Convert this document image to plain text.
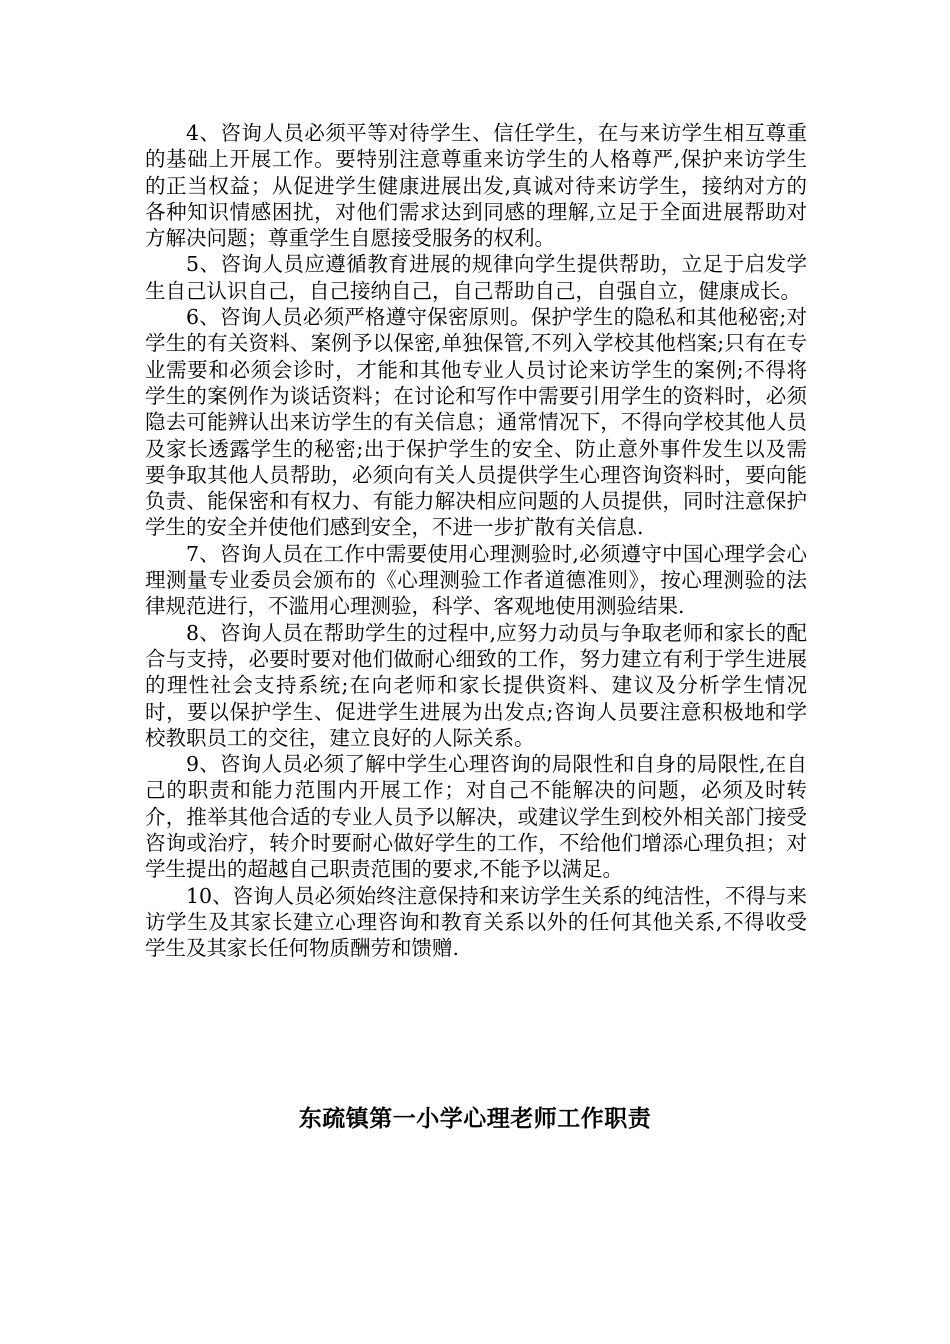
4、咨询人员必须平等对待学生、信任学生，在与来访学生相互尊重的基础上开展工作。要特别注意尊重来访学生的人格尊严,保护来访学生的正当权益；从促进学生健康进展出发,真诚对待来访学生，接纳对方的各种知识情感困扰，对他们需求达到同感的理解,立足于全面进展帮助对方解决问题；尊重学生自愿接受服务的权利。

5、咨询人员应遵循教育进展的规律向学生提供帮助，立足于启发学生自己认识自己，自己接纳自己，自己帮助自己，自强自立，健康成长。

6、咨询人员必须严格遵守保密原则。保护学生的隐私和其他秘密;对学生的有关资料、案例予以保密,单独保管,不列入学校其他档案;只有在专业需要和必须会诊时，才能和其他专业人员讨论来访学生的案例;不得将学生的案例作为谈话资料；在讨论和写作中需要引用学生的资料时，必须隐去可能辨认出来访学生的有关信息；通常情况下，不得向学校其他人员及家长透露学生的秘密;出于保护学生的安全、防止意外事件发生以及需要争取其他人员帮助，必须向有关人员提供学生心理咨询资料时，要向能负责、能保密和有权力、有能力解决相应问题的人员提供，同时注意保护学生的安全并使他们感到安全，不进一步扩散有关信息.

7、咨询人员在工作中需要使用心理测验时,必须遵守中国心理学会心理测量专业委员会颁布的《心理测验工作者道德准则》，按心理测验的法律规范进行，不滥用心理测验，科学、客观地使用测验结果.

8、咨询人员在帮助学生的过程中,应努力动员与争取老师和家长的配合与支持，必要时要对他们做耐心细致的工作，努力建立有利于学生进展的理性社会支持系统;在向老师和家长提供资料、建议及分析学生情况时，要以保护学生、促进学生进展为出发点;咨询人员要注意积极地和学校教职员工的交往，建立良好的人际关系。

9、咨询人员必须了解中学生心理咨询的局限性和自身的局限性,在自己的职责和能力范围内开展工作；对自己不能解决的问题，必须及时转介，推举其他合适的专业人员予以解决，或建议学生到校外相关部门接受咨询或治疗，转介时要耐心做好学生的工作，不给他们增添心理负担；对学生提出的超越自己职责范围的要求,不能予以满足。

10、咨询人员必须始终注意保持和来访学生关系的纯洁性，不得与来访学生及其家长建立心理咨询和教育关系以外的任何其他关系,不得收受学生及其家长任何物质酬劳和馈赠.

东疏镇第一小学心理老师工作职责
